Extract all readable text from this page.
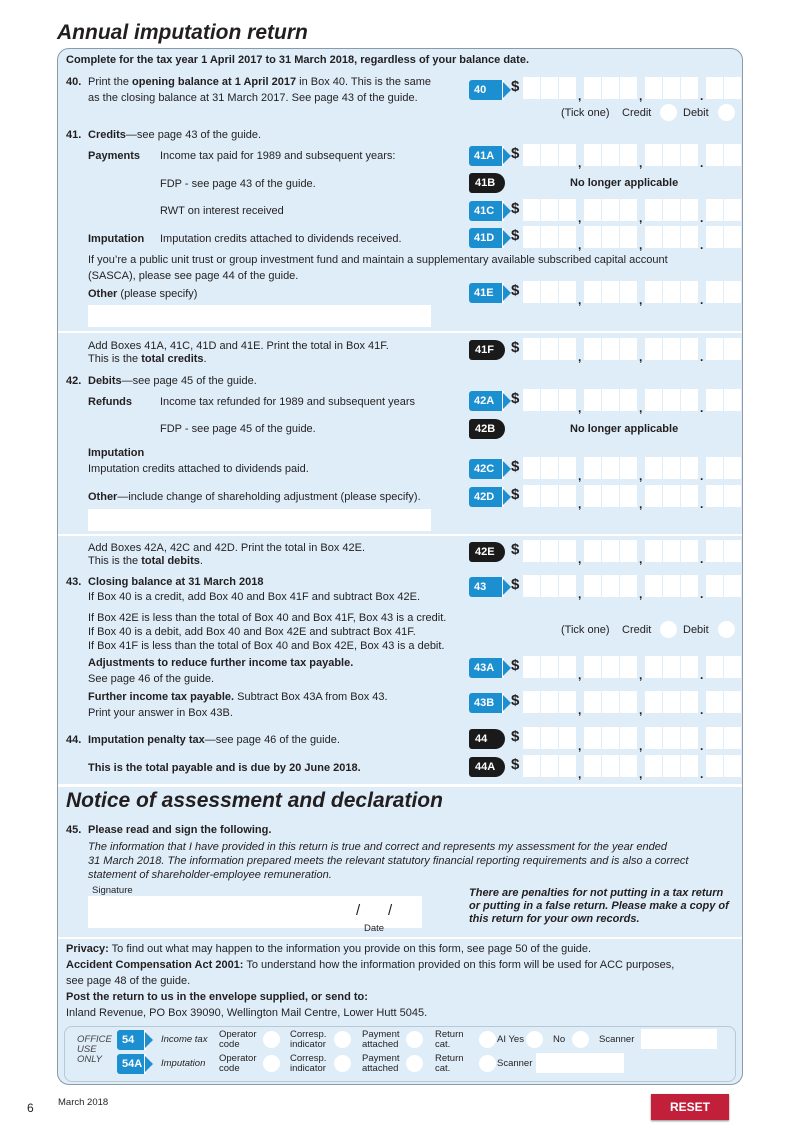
Annual imputation return
Complete for the tax year 1 April 2017 to 31 March 2018, regardless of your balance date.
40. Print the opening balance at 1 April 2017 in Box 40. This is the same
as the closing balance at 31 March 2017. See page 43 of the guide.
40	$
,	,	.
(Tick one) Credit	Debit
41. Credits—see page 43 of the guide.
Payments Income tax paid for 1989 and subsequent years:	41A	$
,	,	.
FDP - see page 43 of the guide.	41B	No longer applicable
RWT on interest received	41C	$
,	,	.
Imputation Imputation credits attached to dividends received.	41D	$
,	,	.
If you’re a public unit trust or group investment fund and maintain a supplementary available subscribed capital account
(SASCA), please see page 44 of the guide.
Other (please specify)	41E	$
,	,	.
Add Boxes 41A, 41C, 41D and 41E. Print the total in Box 41F.
This is the total credits.
41F	$
,	,	.
42. Debits—see page 45 of the guide.
Refunds	Income tax refunded for 1989 and subsequent years	42A	$
,	,	.
FDP - see page 45 of the guide.	42B	No longer applicable
Imputation
Imputation credits attached to dividends paid.	42C	$
,	,	.
Other—include change of shareholding adjustment (please specify).	42D	$
,	,	.
Add Boxes 42A, 42C and 42D. Print the total in Box 42E.
This is the total debits.
42E	$
,	,	.
43. Closing balance at 31 March 2018
If Box 40 is a credit, add Box 40 and Box 41F and subtract Box 42E.
43	$
,	,	.
If Box 42E is less than the total of Box 40 and Box 41F, Box 43 is a credit.
If Box 40 is a debit, add Box 40 and Box 42E and subtract Box 41F.
If Box 41F is less than the total of Box 40 and Box 42E, Box 43 is a debit.
(Tick one) Credit	Debit
Adjustments to reduce further income tax payable.
See page 46 of the guide.
43A	$
,	,	.
Further income tax payable. Subtract Box 43A from Box 43.
Print your answer in Box 43B.
43B	$
,	,	.
44. Imputation penalty tax—see page 46 of the guide.	44	$
,	,	.
This is the total payable and is due by 20 June 2018.	44A	$
,	,	.
Notice of assessment and declaration
45. Please read and sign the following.
The information that I have provided in this return is true and correct and represents my assessment for the year ended
31 March 2018. The information prepared meets the relevant statutory financial reporting requirements and is also a correct
statement of shareholder-employee remuneration.
Signature
/ /
Date
There are penalties for not putting in a tax return
or putting in a false return. Please make a copy of
this return for your own records.
Privacy: To find out what may happen to the information you provide on this form, see page 50 of the guide.
Accident Compensation Act 2001: To understand how the information provided on this form will be used for ACC purposes,
see page 48 of the guide.
Post the return to us in the envelope supplied, or send to:
Inland Revenue, PO Box 39090, Wellington Mail Centre, Lower Hutt 5045.
OFFICE
USE
ONLY
54
54A
Income tax
Imputation
Operator
code
Corresp.
indicator
Payment
attached
Return
cat.
Operator
code
Corresp.
indicator
Payment
attached
Return
cat.
AI Yes	No	Scanner
Scanner
6	March 2018	RESET FORM
